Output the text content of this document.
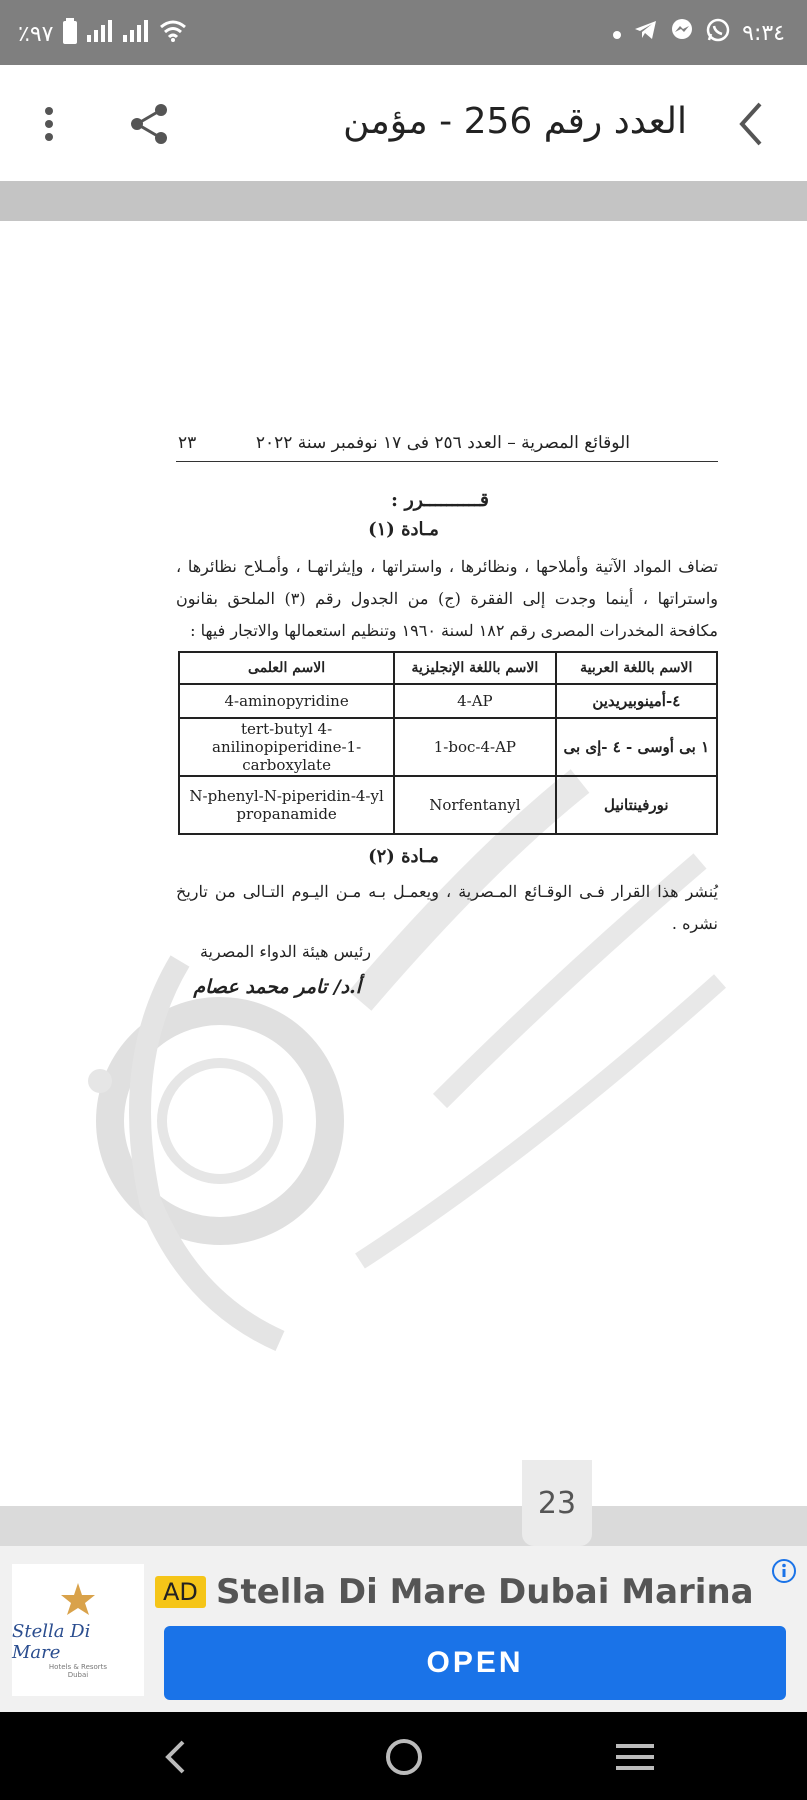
٪٩٧	٩:٣٤
العدد رقم 256 - مؤمن
الوقائع المصرية – العدد ٢٥٦ فى ١٧ نوفمبر سنة ٢٠٢٢
٢٣
قــــــــــرر :
مـادة (١)
تضاف المواد الآتية وأملاحها ، ونظائرها ، واستراتها ، وإيثراتهـا ، وأمـلاح نظائرها ، واستراتها ، أينما وجدت إلى الفقرة (ج) من الجدول رقم (٣) الملحق بقانون مكافحة المخدرات المصرى رقم ١٨٢ لسنة ١٩٦٠ وتنظيم استعمالها والاتجار فيها :
الاسم العلمى	الاسم باللغة الإنجليزية	الاسم باللغة العربية
4-aminopyridine	4-AP	٤-أمينوبيريدين
tert-butyl 4-anilinopiperidine-1-carboxylate	1-boc-4-AP	١ بى أوسى - ٤ -إى بى
N-phenyl-N-piperidin-4-yl propanamide	Norfentanyl	نورفينتانيل
مـادة (٢)
يُنشر هذا القرار فـى الوقـائع المـصرية ، ويعمـل بـه مـن اليـوم التـالى من تاريخ نشره .
رئيس هيئة الدواء المصرية
أ.د/ تامر محمد عصام
23
Stella Di Mare
Hotels & Resorts
Dubai
AD Stella Di Mare Dubai Marina
OPEN
